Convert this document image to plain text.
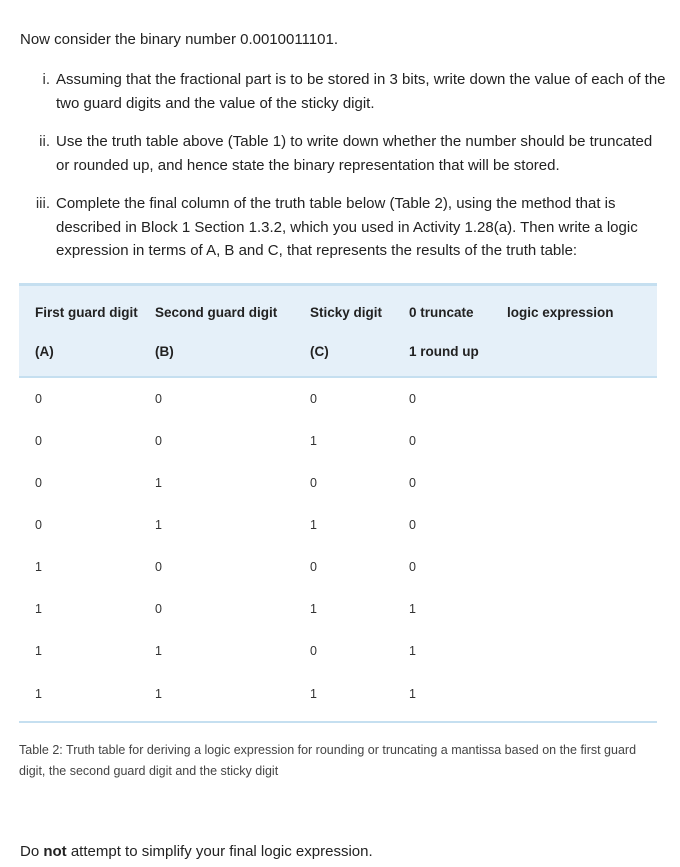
Now consider the binary number 0.0010011101.

i. Assuming that the fractional part is to be stored in 3 bits, write down the value of each of the two guard digits and the value of the sticky digit.
ii. Use the truth table above (Table 1) to write down whether the number should be truncated or rounded up, and hence state the binary representation that will be stored.
iii. Complete the final column of the truth table below (Table 2), using the method that is described in Block 1 Section 1.3.2, which you used in Activity 1.28(a). Then write a logic expression in terms of A, B and C, that represents the results of the truth table:
First guard digit	Second guard digit	Sticky digit	0 truncate	logic expression
(A)	(B)	(C)	1 round up	
0	0	0	0	
0	0	1	0	
0	1	0	0	
0	1	1	0	
1	0	0	0	
1	0	1	1	
1	1	0	1	
1	1	1	1	

Table 2: Truth table for deriving a logic expression for rounding or truncating a mantissa based on the first guard digit, the second guard digit and the sticky digit

Do not attempt to simplify your final logic expression.
